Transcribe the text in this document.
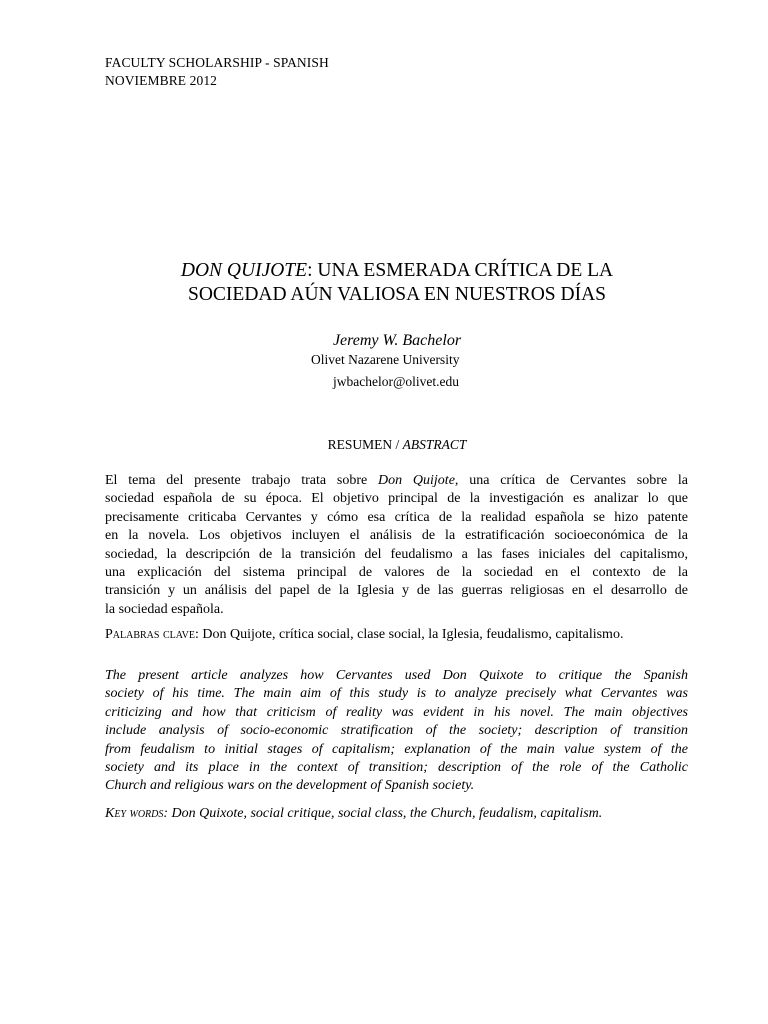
FACULTY SCHOLARSHIP - SPANISH
NOVIEMBRE 2012
DON QUIJOTE: UNA ESMERADA CRÍTICA DE LA
SOCIEDAD AÚN VALIOSA EN NUESTROS DÍAS
Jeremy W. Bachelor
Olivet Nazarene University
jwbachelor@olivet.edu
RESUMEN / ABSTRACT
El tema del presente trabajo trata sobre Don Quijote, una crítica de Cervantes sobre la
sociedad española de su época. El objetivo principal de la investigación es analizar lo que
precisamente criticaba Cervantes y cómo esa crítica de la realidad española se hizo patente
en la novela. Los objetivos incluyen el análisis de la estratificación socioeconómica de la
sociedad, la descripción de la transición del feudalismo a las fases iniciales del capitalismo,
una explicación del sistema principal de valores de la sociedad en el contexto de la
transición y un análisis del papel de la Iglesia y de las guerras religiosas en el desarrollo de
la sociedad española.
Palabras clave: Don Quijote, crítica social, clase social, la Iglesia, feudalismo, capitalismo.
The present article analyzes how Cervantes used Don Quixote to critique the Spanish
society of his time. The main aim of this study is to analyze precisely what Cervantes was
criticizing and how that criticism of reality was evident in his novel. The main objectives
include analysis of socio-economic stratification of the society; description of transition
from feudalism to initial stages of capitalism; explanation of the main value system of the
society and its place in the context of transition; description of the role of the Catholic
Church and religious wars on the development of Spanish society.
Key words: Don Quixote, social critique, social class, the Church, feudalism, capitalism.
